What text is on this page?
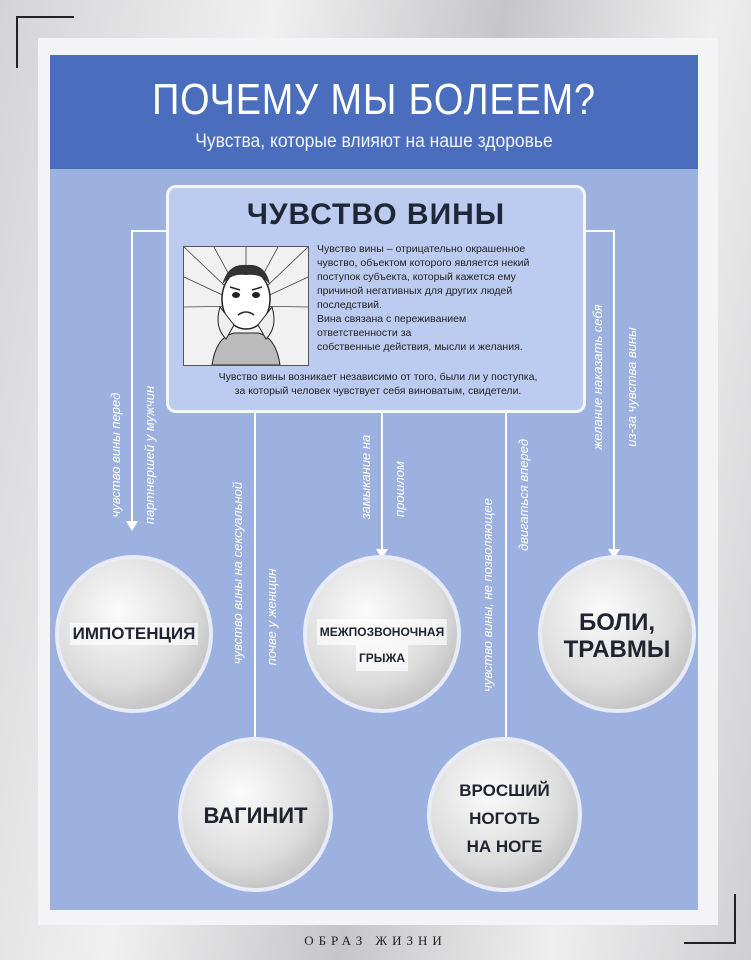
ПОЧЕМУ МЫ БОЛЕЕМ?
Чувства, которые влияют на наше здоровье
ЧУВСТВО ВИНЫ
Чувство вины – отрицательно окрашенное
чувство, объектом которого является некий
поступок субъекта, который кажется ему
причиной негативных для других людей
последствий.
Вина связана с переживанием
ответственности за
собственные действия, мысли и желания.
Чувство вины возникает независимо от того, были ли у поступка,
за который человек чувствует себя виноватым, свидетели.
чувство вины перед партнершей у мужчин
чувство вины на сексуальной почве у женщин
замыкание на прошлом
чувство вины, не позволяющее
двигаться вперед
желание наказать себя из-за чувства вины
ИМПОТЕНЦИЯ	МЕЖПОЗВОНОЧНАЯ
ГРЫЖА
БОЛИ,
ТРАВМЫ
ВАГИНИТ
ВРОСШИЙ
НОГОТЬ
НА НОГЕ
ОБРАЗ ЖИЗНИ
